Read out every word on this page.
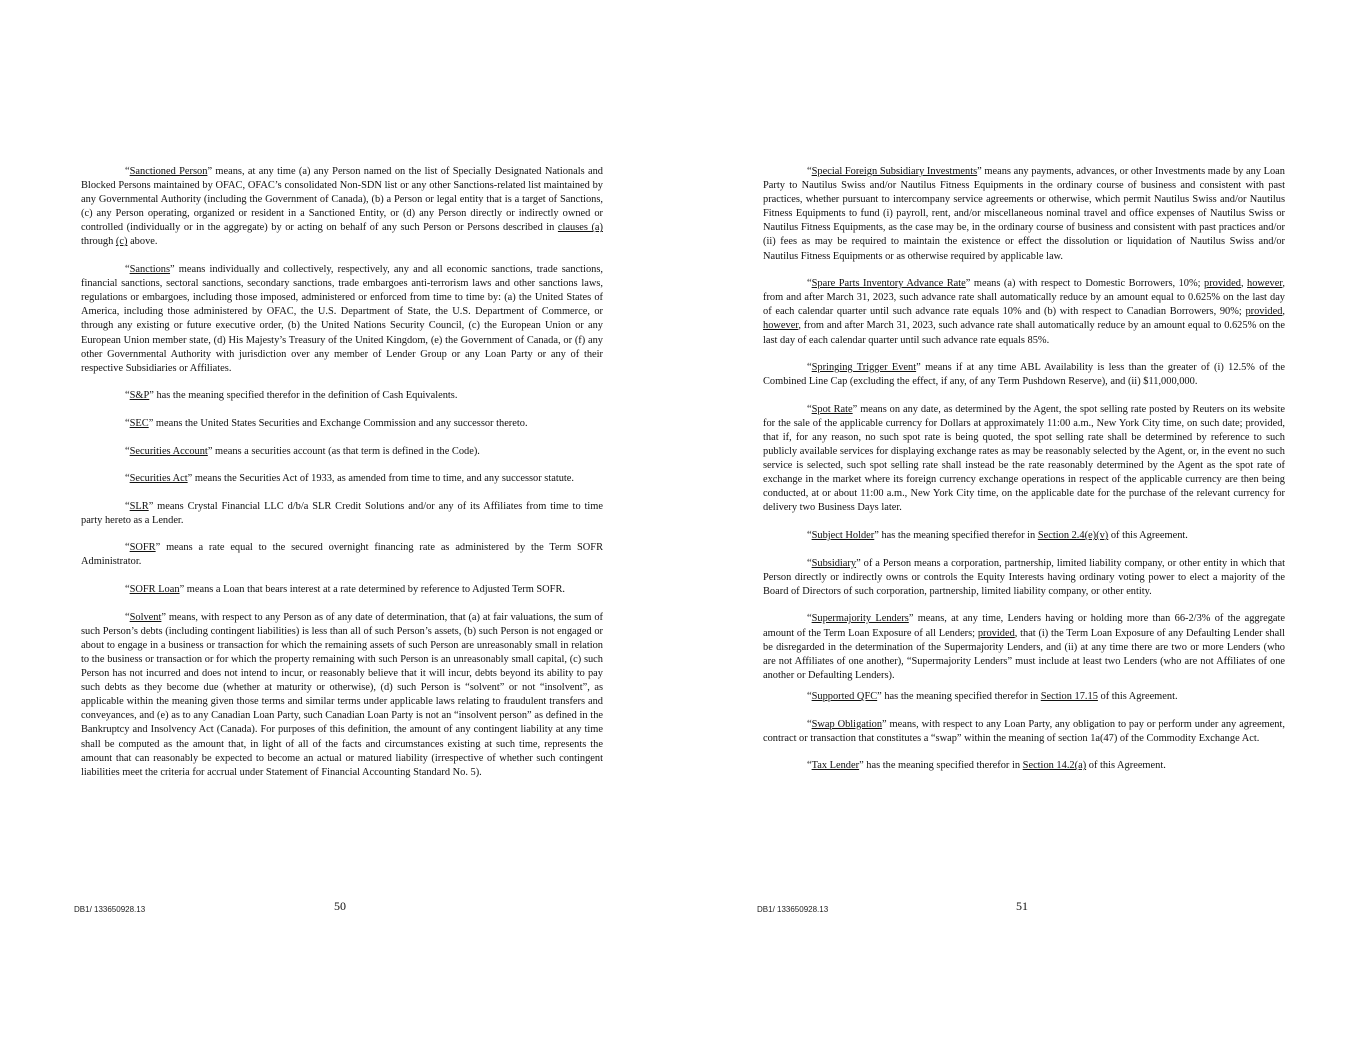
“Sanctioned Person” means, at any time (a) any Person named on the list of Specially Designated Nationals and Blocked Persons maintained by OFAC, OFAC’s consolidated Non-SDN list or any other Sanctions-related list maintained by any Governmental Authority (including the Government of Canada), (b) a Person or legal entity that is a target of Sanctions, (c) any Person operating, organized or resident in a Sanctioned Entity, or (d) any Person directly or indirectly owned or controlled (individually or in the aggregate) by or acting on behalf of any such Person or Persons described in clauses (a) through (c) above.

“Sanctions” means individually and collectively, respectively, any and all economic sanctions, trade sanctions, financial sanctions, sectoral sanctions, secondary sanctions, trade embargoes anti-terrorism laws and other sanctions laws, regulations or embargoes, including those imposed, administered or enforced from time to time by: (a) the United States of America, including those administered by OFAC, the U.S. Department of State, the U.S. Department of Commerce, or through any existing or future executive order, (b) the United Nations Security Council, (c) the European Union or any European Union member state, (d) His Majesty’s Treasury of the United Kingdom, (e) the Government of Canada, or (f) any other Governmental Authority with jurisdiction over any member of Lender Group or any Loan Party or any of their respective Subsidiaries or Affiliates.

“S&P” has the meaning specified therefor in the definition of Cash Equivalents.

“SEC” means the United States Securities and Exchange Commission and any successor thereto.

“Securities Account” means a securities account (as that term is defined in the Code).

“Securities Act” means the Securities Act of 1933, as amended from time to time, and any successor statute.

“SLR” means Crystal Financial LLC d/b/a SLR Credit Solutions and/or any of its Affiliates from time to time party hereto as a Lender.

“SOFR” means a rate equal to the secured overnight financing rate as administered by the Term SOFR Administrator.

“SOFR Loan” means a Loan that bears interest at a rate determined by reference to Adjusted Term SOFR.

“Solvent” means, with respect to any Person as of any date of determination, that (a) at fair valuations, the sum of such Person’s debts (including contingent liabilities) is less than all of such Person’s assets, (b) such Person is not engaged or about to engage in a business or transaction for which the remaining assets of such Person are unreasonably small in relation to the business or transaction or for which the property remaining with such Person is an unreasonably small capital, (c) such Person has not incurred and does not intend to incur, or reasonably believe that it will incur, debts beyond its ability to pay such debts as they become due (whether at maturity or otherwise), (d) such Person is “solvent” or not “insolvent”, as applicable within the meaning given those terms and similar terms under applicable laws relating to fraudulent transfers and conveyances, and (e) as to any Canadian Loan Party, such Canadian Loan Party is not an “insolvent person” as defined in the Bankruptcy and Insolvency Act (Canada). For purposes of this definition, the amount of any contingent liability at any time shall be computed as the amount that, in light of all of the facts and circumstances existing at such time, represents the amount that can reasonably be expected to become an actual or matured liability (irrespective of whether such contingent liabilities meet the criteria for accrual under Statement of Financial Accounting Standard No. 5).

DB1/ 133650928.13	50

“Special Foreign Subsidiary Investments” means any payments, advances, or other Investments made by any Loan Party to Nautilus Swiss and/or Nautilus Fitness Equipments in the ordinary course of business and consistent with past practices, whether pursuant to intercompany service agreements or otherwise, which permit Nautilus Swiss and/or Nautilus Fitness Equipments to fund (i) payroll, rent, and/or miscellaneous nominal travel and office expenses of Nautilus Swiss or Nautilus Fitness Equipments, as the case may be, in the ordinary course of business and consistent with past practices and/or (ii) fees as may be required to maintain the existence or effect the dissolution or liquidation of Nautilus Swiss and/or Nautilus Fitness Equipments or as otherwise required by applicable law.

“Spare Parts Inventory Advance Rate” means (a) with respect to Domestic Borrowers, 10%; provided, however, from and after March 31, 2023, such advance rate shall automatically reduce by an amount equal to 0.625% on the last day of each calendar quarter until such advance rate equals 10% and (b) with respect to Canadian Borrowers, 90%; provided, however, from and after March 31, 2023, such advance rate shall automatically reduce by an amount equal to 0.625% on the last day of each calendar quarter until such advance rate equals 85%.

“Springing Trigger Event” means if at any time ABL Availability is less than the greater of (i) 12.5% of the Combined Line Cap (excluding the effect, if any, of any Term Pushdown Reserve), and (ii) $11,000,000.

“Spot Rate” means on any date, as determined by the Agent, the spot selling rate posted by Reuters on its website for the sale of the applicable currency for Dollars at approximately 11:00 a.m., New York City time, on such date; provided, that if, for any reason, no such spot rate is being quoted, the spot selling rate shall be determined by reference to such publicly available services for displaying exchange rates as may be reasonably selected by the Agent, or, in the event no such service is selected, such spot selling rate shall instead be the rate reasonably determined by the Agent as the spot rate of exchange in the market where its foreign currency exchange operations in respect of the applicable currency are then being conducted, at or about 11:00 a.m., New York City time, on the applicable date for the purchase of the relevant currency for delivery two Business Days later.

“Subject Holder” has the meaning specified therefor in Section 2.4(e)(v) of this Agreement.

“Subsidiary” of a Person means a corporation, partnership, limited liability company, or other entity in which that Person directly or indirectly owns or controls the Equity Interests having ordinary voting power to elect a majority of the Board of Directors of such corporation, partnership, limited liability company, or other entity.

“Supermajority Lenders” means, at any time, Lenders having or holding more than 66-2/3% of the aggregate amount of the Term Loan Exposure of all Lenders; provided, that (i) the Term Loan Exposure of any Defaulting Lender shall be disregarded in the determination of the Supermajority Lenders, and (ii) at any time there are two or more Lenders (who are not Affiliates of one another), “Supermajority Lenders” must include at least two Lenders (who are not Affiliates of one another or Defaulting Lenders).

“Supported QFC” has the meaning specified therefor in Section 17.15 of this Agreement.

“Swap Obligation” means, with respect to any Loan Party, any obligation to pay or perform under any agreement, contract or transaction that constitutes a “swap” within the meaning of section 1a(47) of the Commodity Exchange Act.

“Tax Lender” has the meaning specified therefor in Section 14.2(a) of this Agreement.

DB1/ 133650928.13	51
